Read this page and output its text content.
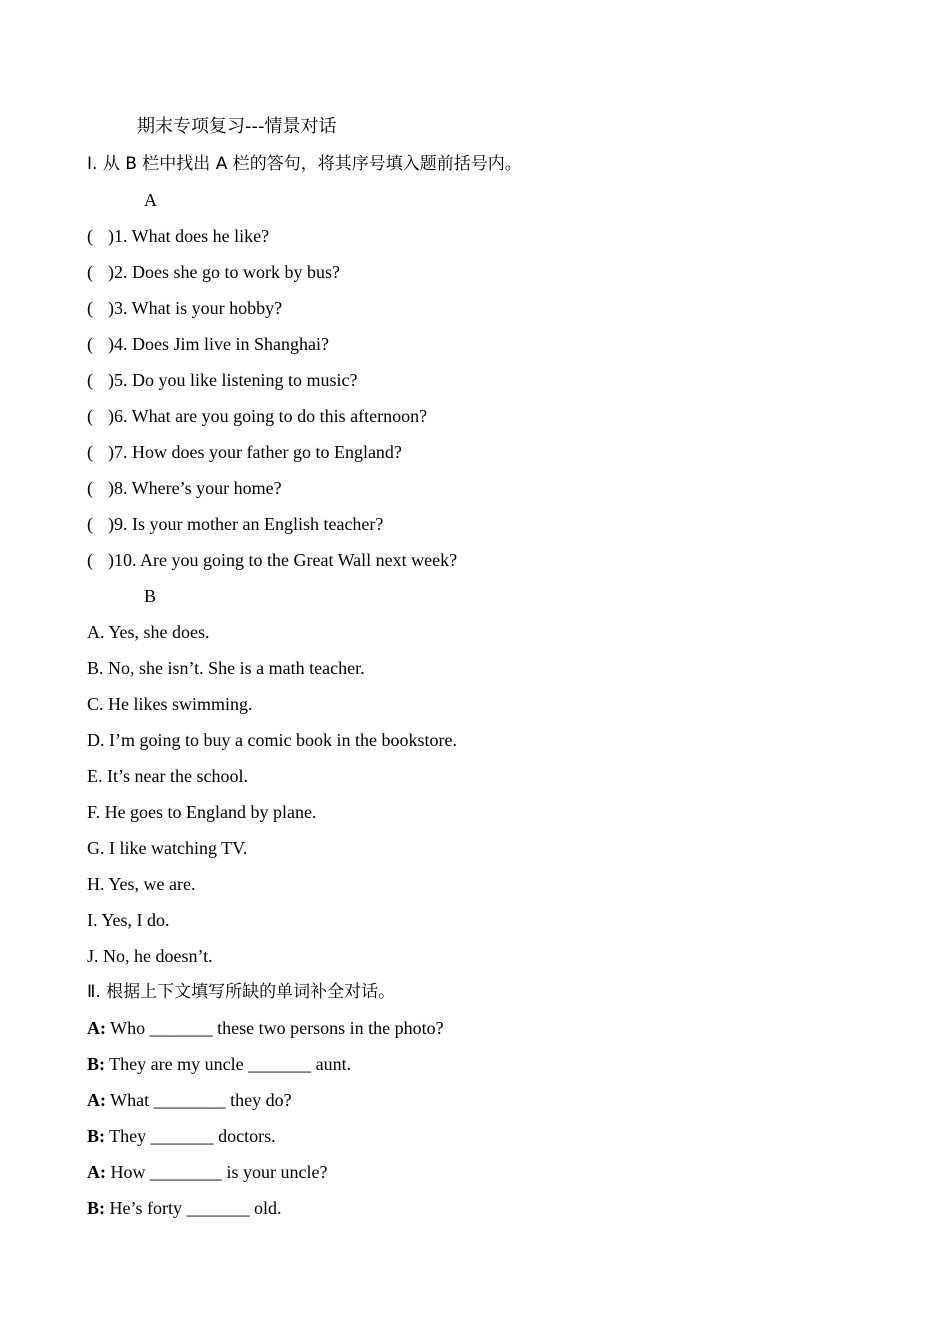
期末专项复习---情景对话
I. 从 B 栏中找出 A 栏的答句，将其序号填入题前括号内。
A
( )1. What does he like?
( )2. Does she go to work by bus?
( )3. What is your hobby?
( )4. Does Jim live in Shanghai?
( )5. Do you like listening to music?
( )6. What are you going to do this afternoon?
( )7. How does your father go to England?
( )8. Where’s your home?
( )9. Is your mother an English teacher?
( )10. Are you going to the Great Wall next week?
B
A. Yes, she does.
B. No, she isn’t. She is a math teacher.
C. He likes swimming.
D. I’m going to buy a comic book in the bookstore.
E. It’s near the school.
F. He goes to England by plane.
G. I like watching TV.
H. Yes, we are.
I. Yes, I do.
J. No, he doesn’t.
Ⅱ. 根据上下文填写所缺的单词补全对话。
A: Who _______ these two persons in the photo?
B: They are my uncle _______ aunt.
A: What ________ they do?
B: They _______ doctors.
A: How ________ is your uncle?
B: He’s forty _______ old.
